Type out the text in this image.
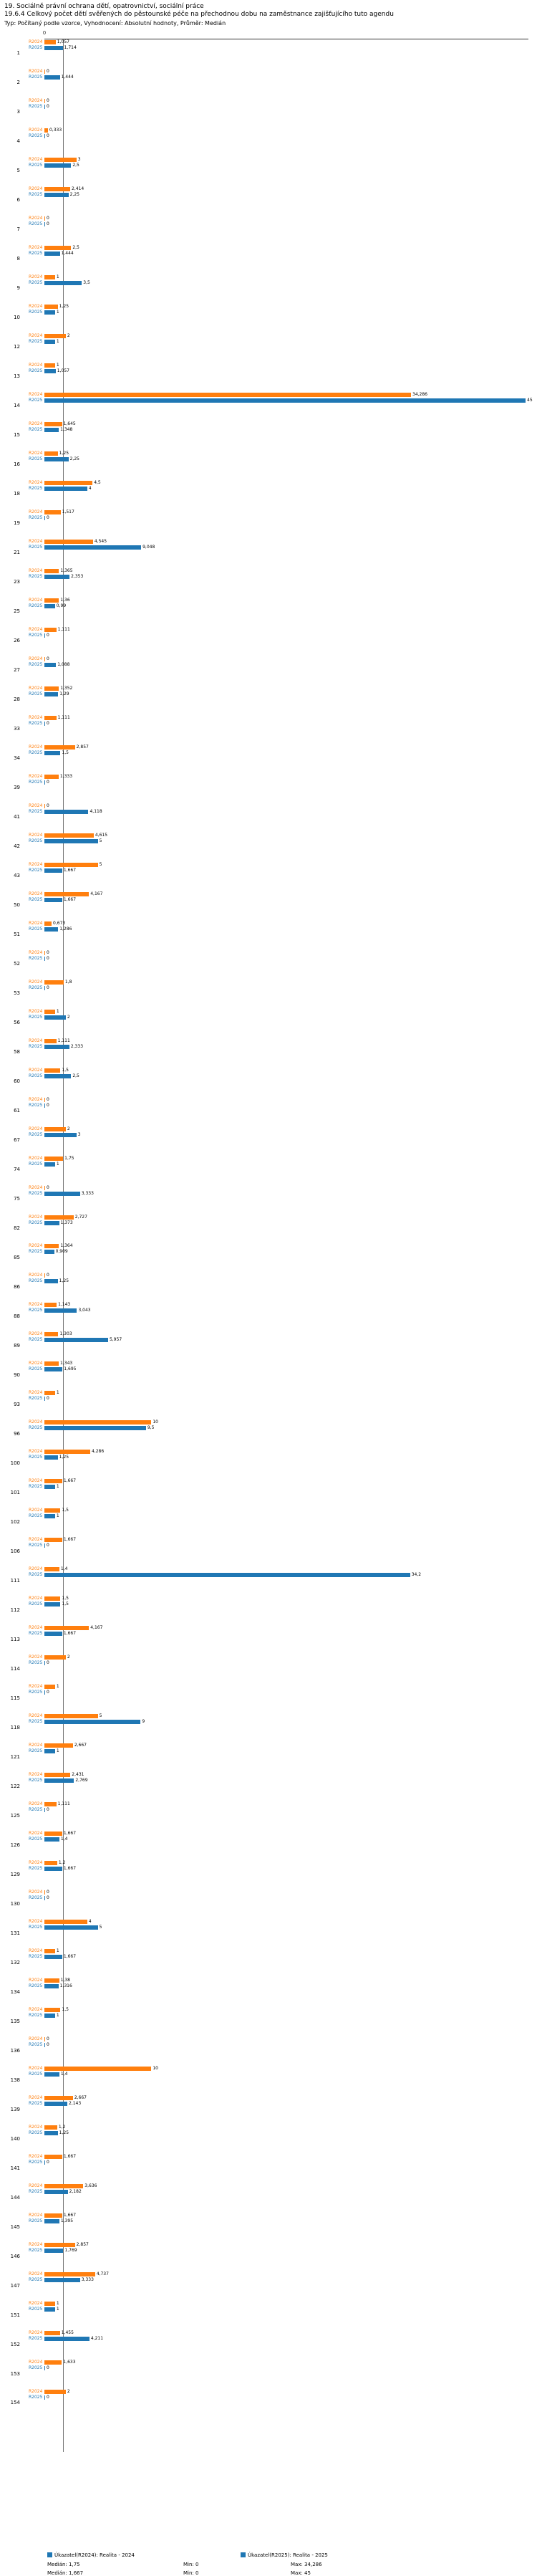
19. Sociálně právní ochrana dětí, opatrovnictví, sociální práce
19.6.4 Celkový počet dětí svěřených do pěstounské péče na přechodnou dobu na zaměstnance zajišťujícího tuto agendu
Typ: Počítaný podle vzorce, Vyhodnocení: Absolutní hodnoty, Průměr: Medián
0
1
1,057
R2024
1,714
R2025
2
0
R2024
1,444
R2025
3
0
R2024
0
R2025
4
0,333
R2024
0
R2025
5
3
R2024
2,5
R2025
6
2,414
R2024
2,25
R2025
7
0
R2024
0
R2025
8
2,5
R2024
1,444
R2025
9
1
R2024
3,5
R2025
10
1,25
R2024
1
R2025
12
2
R2024
1
R2025
13
1
R2024
1,057
R2025
14
34,286
R2024
45
R2025
15
1,645
R2024
1,348
R2025
16
1,25
R2024
2,25
R2025
18
4,5
R2024
4
R2025
19
1,517
R2024
0
R2025
21
4,545
R2024
9,048
R2025
23
1,365
R2024
2,353
R2025
25
1,36
R2024
0,99
R2025
26
1,111
R2024
0
R2025
27
0
R2024
1,088
R2025
28
1,352
R2024
1,29
R2025
33
1,111
R2024
0
R2025
34
2,857
R2024
1,5
R2025
39
1,333
R2024
0
R2025
41
0
R2024
4,118
R2025
42
4,615
R2024
5
R2025
43
5
R2024
1,667
R2025
50
4,167
R2024
1,667
R2025
51
0,673
R2024
1,286
R2025
52
0
R2024
0
R2025
53
1,8
R2024
0
R2025
56
1
R2024
2
R2025
58
1,111
R2024
2,333
R2025
60
1,5
R2024
2,5
R2025
61
0
R2024
0
R2025
67
2
R2024
3
R2025
74
1,75
R2024
1
R2025
75
0
R2024
3,333
R2025
82
2,727
R2024
1,373
R2025
85
1,364
R2024
0,909
R2025
86
0
R2024
1,25
R2025
88
1,143
R2024
3,043
R2025
89
1,303
R2024
5,957
R2025
90
1,343
R2024
1,695
R2025
93
1
R2024
0
R2025
96
10
R2024
9,5
R2025
100
4,286
R2024
1,25
R2025
101
1,667
R2024
1
R2025
102
1,5
R2024
1
R2025
106
1,667
R2024
0
R2025
111
1,4
R2024
34,2
R2025
112
1,5
R2024
1,5
R2025
113
4,167
R2024
1,667
R2025
114
2
R2024
0
R2025
115
1
R2024
0
R2025
118
5
R2024
9
R2025
121
2,667
R2024
1
R2025
122
2,431
R2024
2,769
R2025
125
1,111
R2024
0
R2025
126
1,667
R2024
1,4
R2025
129
1,2
R2024
1,667
R2025
130
0
R2024
0
R2025
131
4
R2024
5
R2025
132
1
R2024
1,667
R2025
134
1,38
R2024
1,316
R2025
135
1,5
R2024
1
R2025
136
0
R2024
0
R2025
138
10
R2024
1,4
R2025
139
2,667
R2024
2,143
R2025
140
1,2
R2024
1,25
R2025
141
1,667
R2024
0
R2025
144
3,636
R2024
2,182
R2025
145
1,667
R2024
1,395
R2025
146
2,857
R2024
1,769
R2025
147
4,737
R2024
3,333
R2025
151
1
R2024
1
R2025
152
1,455
R2024
4,211
R2025
153
1,633
R2024
0
R2025
154
2
R2024
0
R2025
Úkazatel(R2024): Realita - 2024	Úkazatel(R2025): Realita - 2025
Medián: 1,75	Min: 0	Max: 34,286
Medián: 1,667	Min: 0	Max: 45
